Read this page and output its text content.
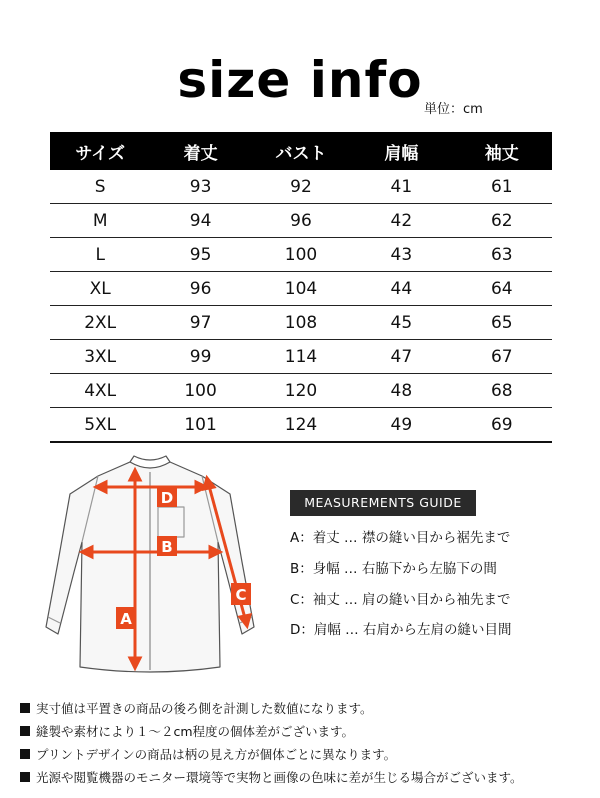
size info
単位：cm
サイズ	着丈	バスト	肩幅	袖丈
S	93	92	41	61
M	94	96	42	62
L	95	100	43	63
XL	96	104	44	64
2XL	97	108	45	65
3XL	99	114	47	67
4XL	100	120	48	68
5XL	101	124	49	69
D
B
A
C
MEASUREMENTS GUIDE
A：着丈 … 襟の縫い目から裾先まで
B：身幅 … 右脇下から左脇下の間
C：袖丈 … 肩の縫い目から袖先まで
D：肩幅 … 右肩から左肩の縫い目間
実寸値は平置きの商品の後ろ側を計測した数値になります。
縫製や素材により１～２cm程度の個体差がございます。
プリントデザインの商品は柄の見え方が個体ごとに異なります。
光源や閲覧機器のモニター環境等で実物と画像の色味に差が生じる場合がございます。
